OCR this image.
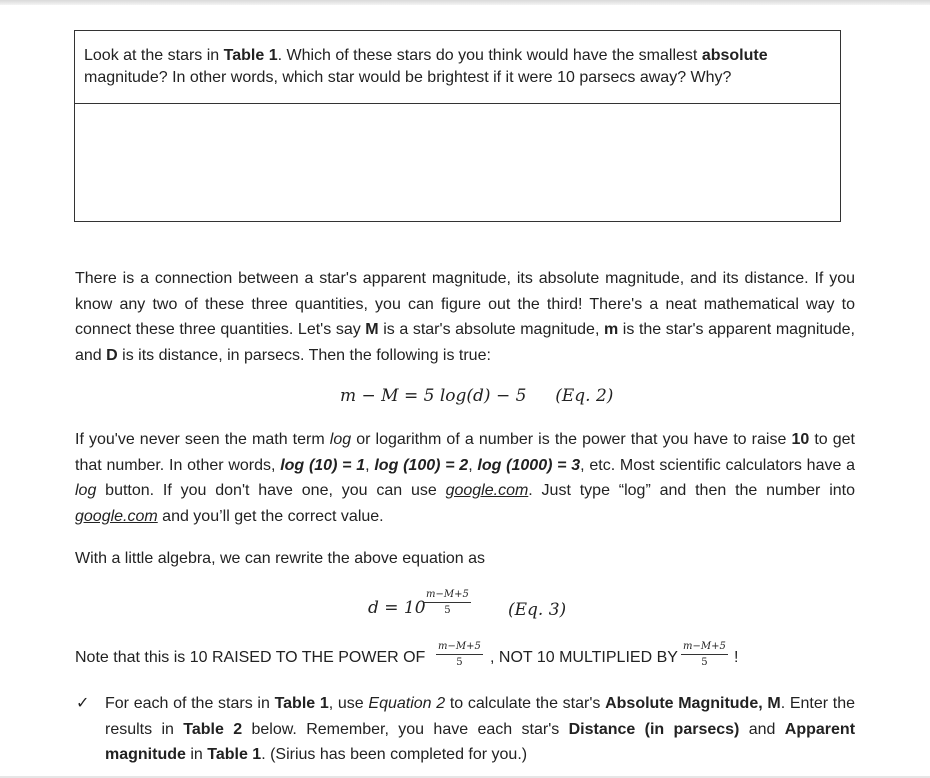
Look at the stars in Table 1. Which of these stars do you think would have the smallest absolute
magnitude? In other words, which star would be brightest if it were 10 parsecs away? Why?
There is a connection between a star's apparent magnitude, its absolute magnitude, and its distance. If you know any two of these three quantities, you can figure out the third! There's a neat mathematical way to connect these three quantities. Let's say M is a star's absolute magnitude, m is the star's apparent magnitude, and D is its distance, in parsecs. Then the following is true:
m − M = 5 log(d) − 5 (Eq. 2)
If you've never seen the math term log or logarithm of a number is the power that you have to raise 10 to get that number. In other words, log (10) = 1, log (100) = 2, log (1000) = 3, etc. Most scientific calculators have a log button. If you don't have one, you can use google.com. Just type “log” and then the number into google.com and you’ll get the correct value.
With a little algebra, we can rewrite the above equation as
d = 10
$\frac{m-M+5}{5} (Eq$. 3)
Note that this is 10 RAISED TO THE POWER OF	$\frac{m-M+5}{5}$ , NOT 10 MULTIPLIED BY $\frac{m-M+5}{5}$ !
✓ For each of the stars in Table 1, use Equation 2 to calculate the star's Absolute Magnitude, M. Enter the results in Table 2 below. Remember, you have each star's Distance (in parsecs) and Apparent magnitude in Table 1. (Sirius has been completed for you.)
